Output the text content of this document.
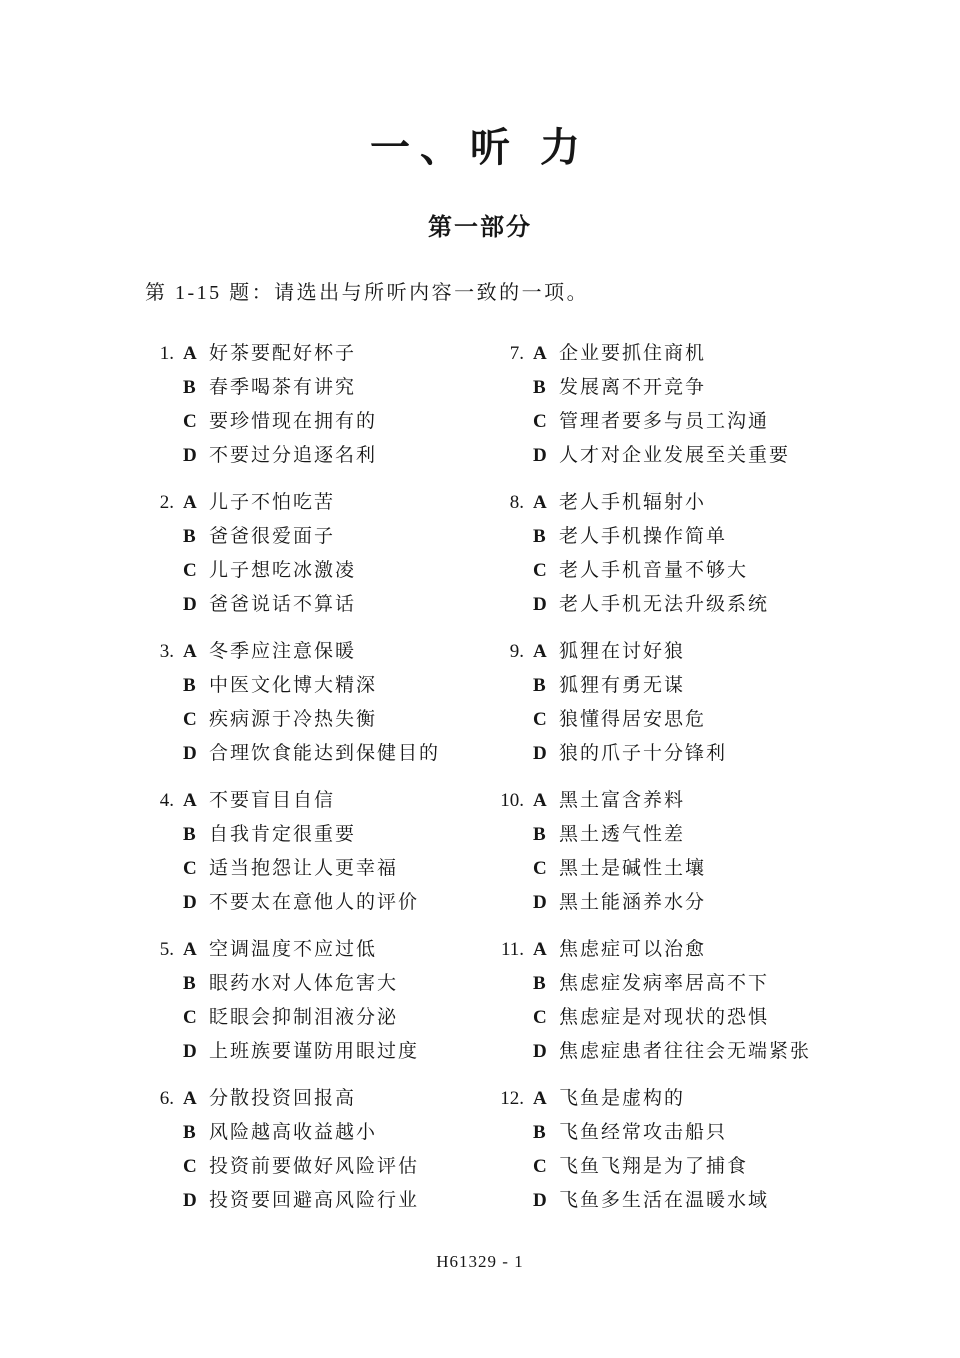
一、听 力
第一部分

第 1-15 题：请选出与所听内容一致的一项。

1. A 好茶要配好杯子
B 春季喝茶有讲究
C 要珍惜现在拥有的
D 不要过分追逐名利
2. A 儿子不怕吃苦
B 爸爸很爱面子
C 儿子想吃冰激凌
D 爸爸说话不算话
3. A 冬季应注意保暖
B 中医文化博大精深
C 疾病源于冷热失衡
D 合理饮食能达到保健目的
4. A 不要盲目自信
B 自我肯定很重要
C 适当抱怨让人更幸福
D 不要太在意他人的评价
5. A 空调温度不应过低
B 眼药水对人体危害大
C 眨眼会抑制泪液分泌
D 上班族要谨防用眼过度
6. A 分散投资回报高
B 风险越高收益越小
C 投资前要做好风险评估
D 投资要回避高风险行业
7. A 企业要抓住商机
B 发展离不开竞争
C 管理者要多与员工沟通
D 人才对企业发展至关重要
8. A 老人手机辐射小
B 老人手机操作简单
C 老人手机音量不够大
D 老人手机无法升级系统
9. A 狐狸在讨好狼
B 狐狸有勇无谋
C 狼懂得居安思危
D 狼的爪子十分锋利
10. A 黑土富含养料
B 黑土透气性差
C 黑土是碱性土壤
D 黑土能涵养水分
11. A 焦虑症可以治愈
B 焦虑症发病率居高不下
C 焦虑症是对现状的恐惧
D 焦虑症患者往往会无端紧张
12. A 飞鱼是虚构的
B 飞鱼经常攻击船只
C 飞鱼飞翔是为了捕食
D 飞鱼多生活在温暖水域
H61329 - 1
